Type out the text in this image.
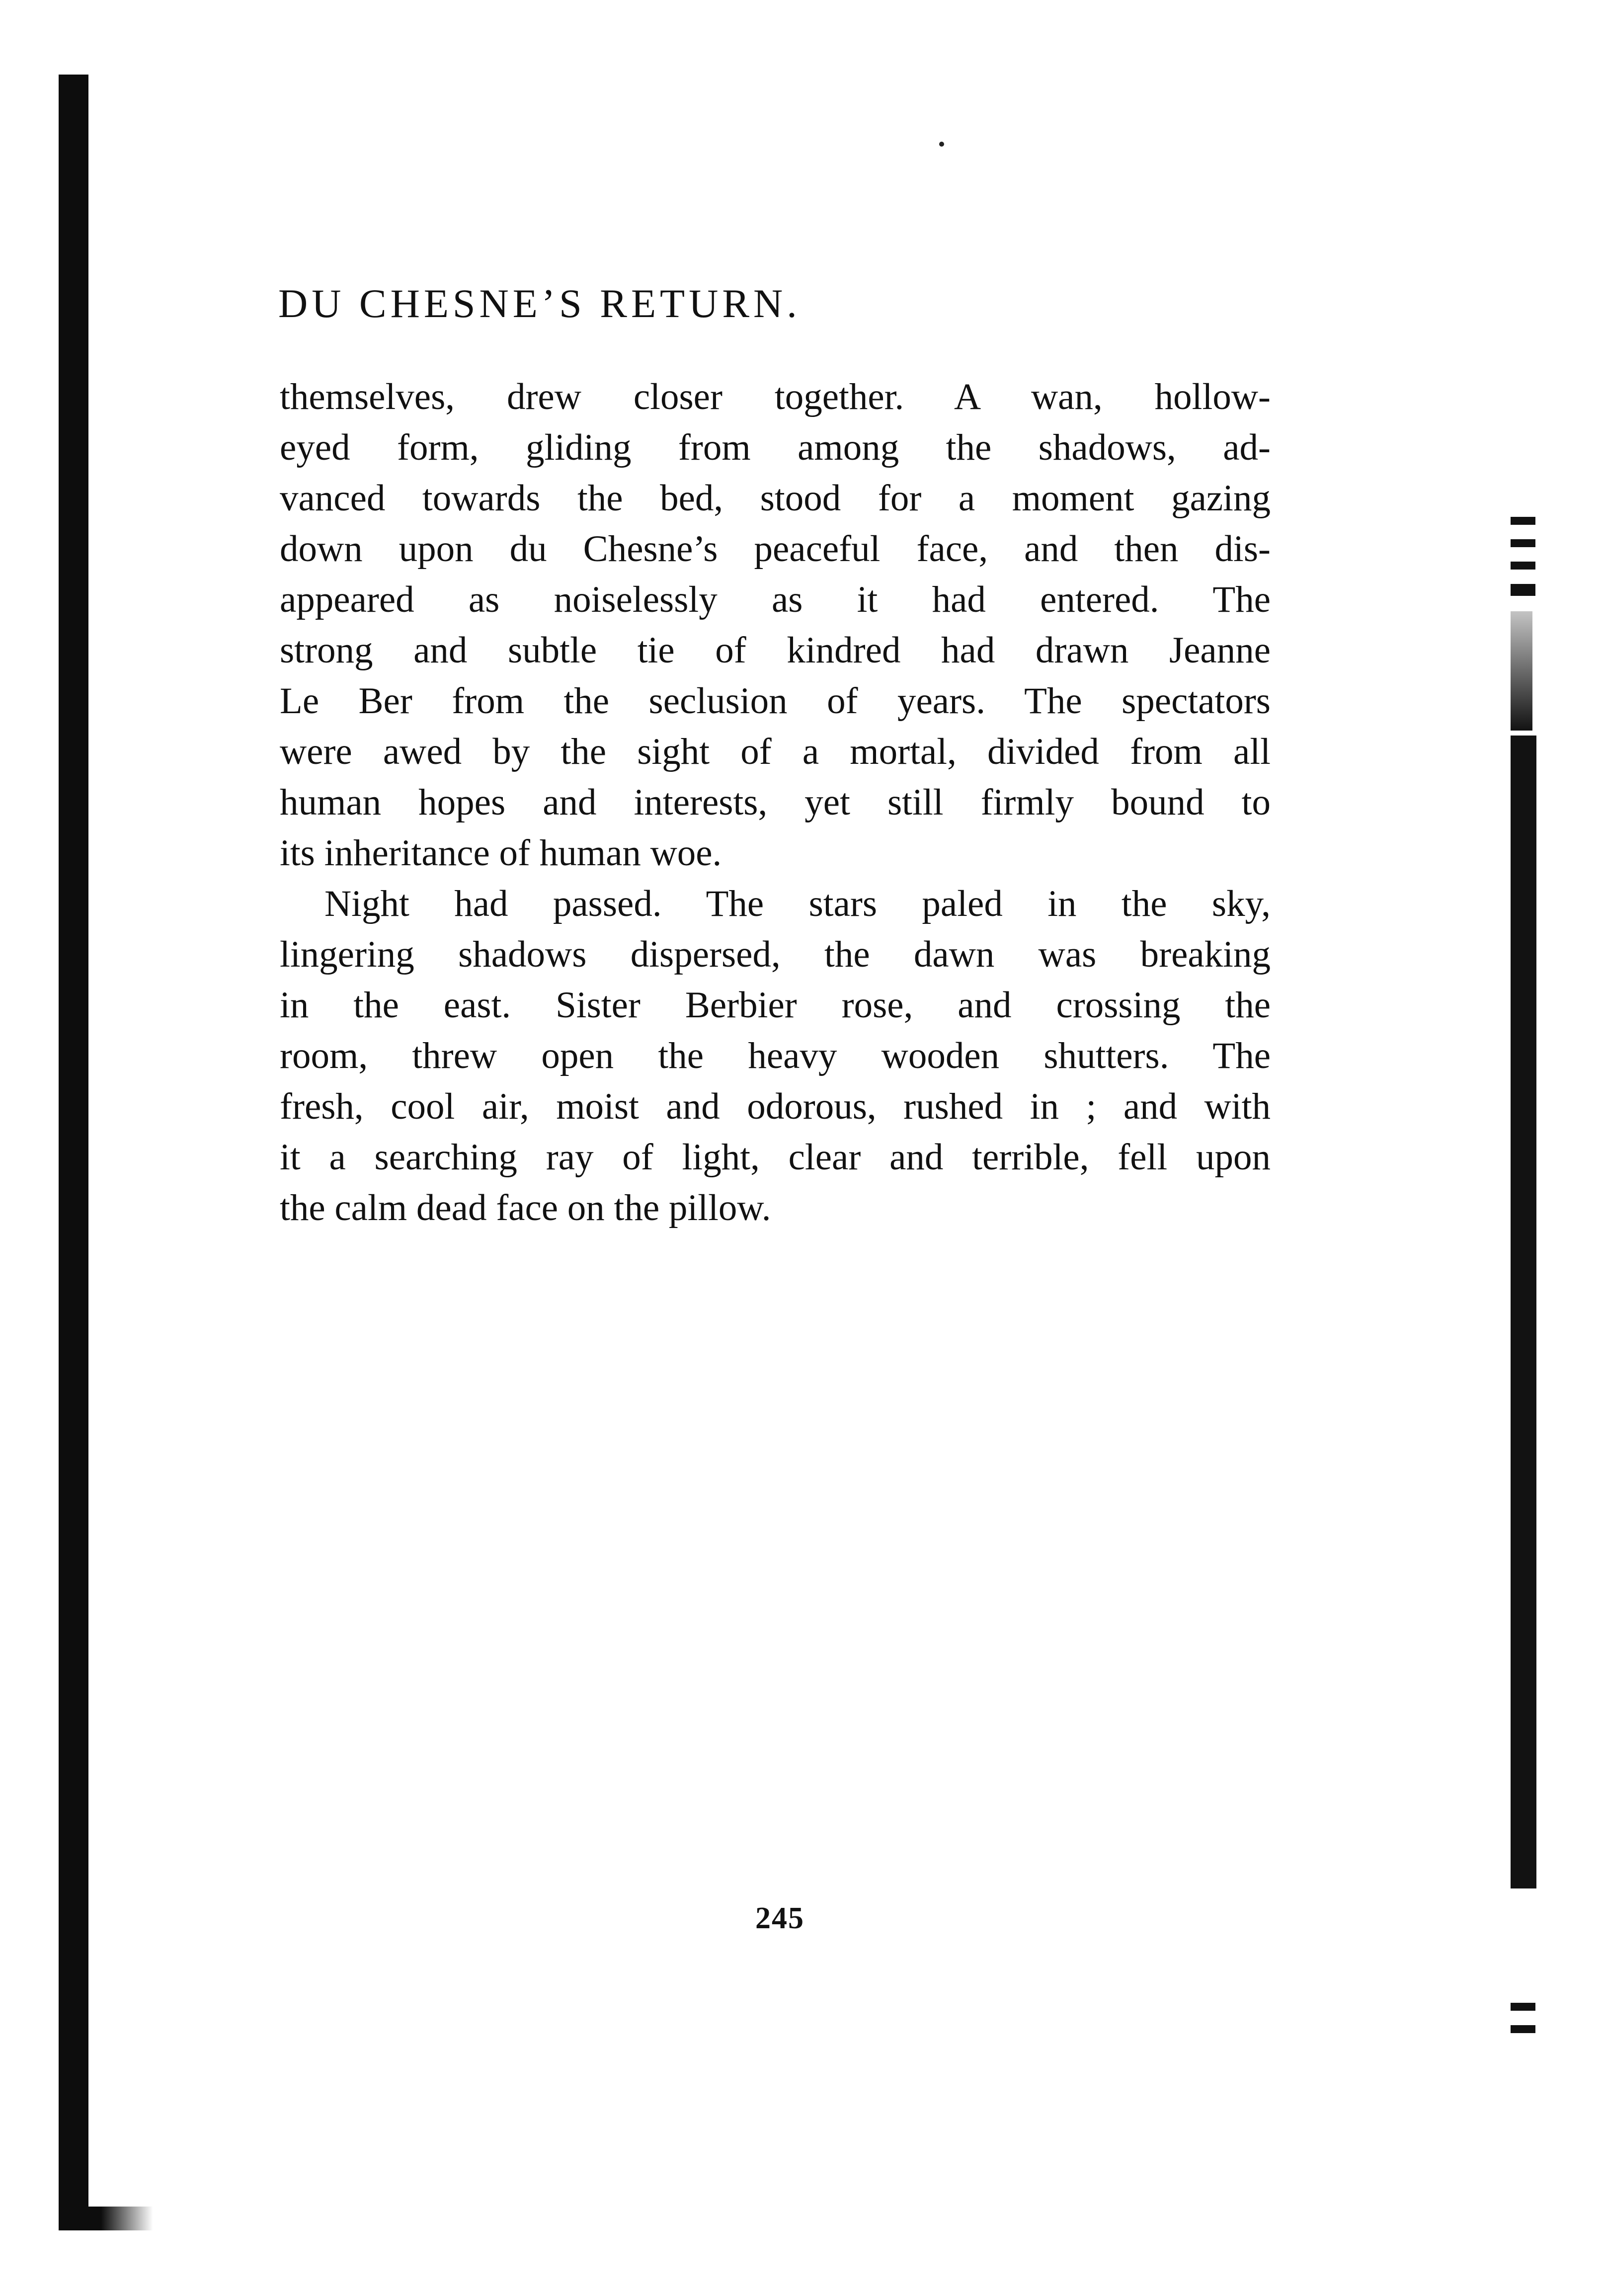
DU CHESNE’S RETURN.
themselves, drew closer together. A wan, hollow-
eyed form, gliding from among the shadows, ad-
vanced towards the bed, stood for a moment gazing
down upon du Chesne’s peaceful face, and then dis-
appeared as noiselessly as it had entered. The
strong and subtle tie of kindred had drawn Jeanne
Le Ber from the seclusion of years. The spectators
were awed by the sight of a mortal, divided from all
human hopes and interests, yet still firmly bound to
its inheritance of human woe.
Night had passed. The stars paled in the sky,
lingering shadows dispersed, the dawn was breaking
in the east. Sister Berbier rose, and crossing the
room, threw open the heavy wooden shutters. The
fresh, cool air, moist and odorous, rushed in ; and with
it a searching ray of light, clear and terrible, fell upon
the calm dead face on the pillow.
245
